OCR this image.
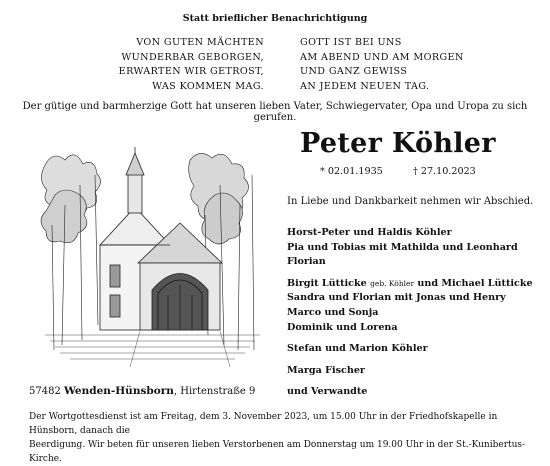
Statt brieflicher Benachrichtigung
VON GUTEN MÄCHTEN
WUNDERBAR GEBORGEN,
ERWARTEN WIR GETROST,
WAS KOMMEN MAG.
GOTT IST BEI UNS
AM ABEND UND AM MORGEN
UND GANZ GEWISS
AN JEDEM NEUEN TAG.
Der gütige und barmherzige Gott hat unseren lieben Vater, Schwiegervater, Opa und Uropa zu sich gerufen.
Peter Köhler
* 02.01.1935	† 27.10.2023
In Liebe und Dankbarkeit nehmen wir Abschied.
Horst-Peter und Haldis Köhler
Pia und Tobias mit Mathilda und Leonhard
Florian
Birgit Lütticke geb. Köhler und Michael Lütticke
Sandra und Florian mit Jonas und Henry
Marco und Sonja
Dominik und Lorena
Stefan und Marion Köhler
Marga Fischer
und Verwandte
57482 Wenden-Hünsborn, Hirtenstraße 9
Der Wortgottesdienst ist am Freitag, dem 3. November 2023, um 15.00 Uhr in der Friedhofskapelle in Hünsborn, danach die
Beerdigung. Wir beten für unseren lieben Verstorbenen am Donnerstag um 19.00 Uhr in der St.-Kunibertus-Kirche.
